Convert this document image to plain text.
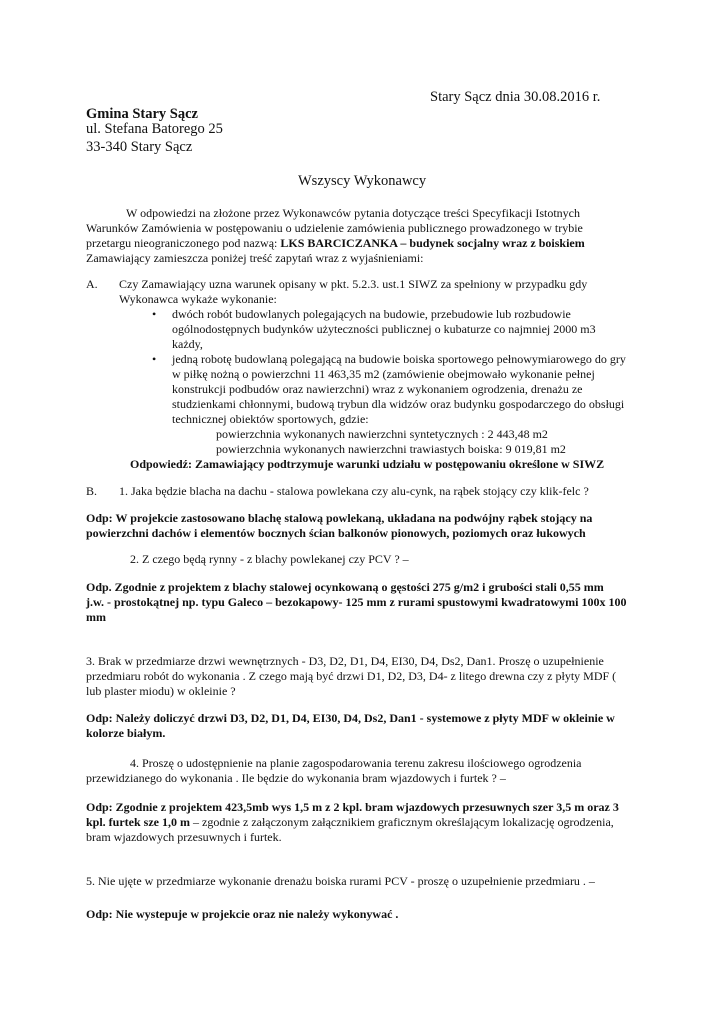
Stary Sącz dnia 30.08.2016 r.
Gmina Stary Sącz
ul. Stefana Batorego 25
33-340 Stary Sącz
Wszyscy Wykonawcy
W odpowiedzi na złożone przez Wykonawców pytania dotyczące treści Specyfikacji Istotnych
Warunków Zamówienia w postępowaniu o udzielenie zamówienia publicznego prowadzonego w trybie
przetargu nieograniczonego pod nazwą: LKS BARCICZANKA – budynek socjalny wraz z boiskiem
Zamawiający zamieszcza poniżej treść zapytań wraz z wyjaśnieniami:
A. Czy Zamawiający uzna warunek opisany w pkt. 5.2.3. ust.1 SIWZ za spełniony w przypadku gdy
Wykonawca wykaże wykonanie:
• dwóch robót budowlanych polegających na budowie, przebudowie lub rozbudowie
ogólnodostępnych budynków użyteczności publicznej o kubaturze co najmniej 2000 m3
każdy,
• jedną robotę budowlaną polegającą na budowie boiska sportowego pełnowymiarowego do gry
w piłkę nożną o powierzchni 11 463,35 m2 (zamówienie obejmowało wykonanie pełnej
konstrukcji podbudów oraz nawierzchni) wraz z wykonaniem ogrodzenia, drenażu ze
studzienkami chłonnymi, budową trybun dla widzów oraz budynku gospodarczego do obsługi
technicznej obiektów sportowych, gdzie:
powierzchnia wykonanych nawierzchni syntetycznych : 2 443,48 m2
powierzchnia wykonanych nawierzchni trawiastych boiska: 9 019,81 m2
Odpowiedź: Zamawiający podtrzymuje warunki udziału w postępowaniu określone w SIWZ
B. 1. Jaka będzie blacha na dachu - stalowa powlekana czy alu-cynk, na rąbek stojący czy klik-felc ?
Odp: W projekcie zastosowano blachę stalową powlekaną, układana na podwójny rąbek stojący na
powierzchni dachów i elementów bocznych ścian balkonów pionowych, poziomych oraz łukowych
2. Z czego będą rynny - z blachy powlekanej czy PCV ? –
Odp. Zgodnie z projektem z blachy stalowej ocynkowaną o gęstości 275 g/m2 i grubości stali 0,55 mm
j.w. - prostokątnej np. typu Galeco – bezokapowy- 125 mm z rurami spustowymi kwadratowymi 100x 100
mm
3. Brak w przedmiarze drzwi wewnętrznych - D3, D2, D1, D4, EI30, D4, Ds2, Dan1. Proszę o uzupełnienie
przedmiaru robót do wykonania . Z czego mają być drzwi D1, D2, D3, D4- z litego drewna czy z płyty MDF (
lub plaster miodu) w okleinie ?
Odp: Należy doliczyć drzwi D3, D2, D1, D4, EI30, D4, Ds2, Dan1 - systemowe z płyty MDF w okleinie w
kolorze białym.
4. Proszę o udostępnienie na planie zagospodarowania terenu zakresu ilościowego ogrodzenia
przewidzianego do wykonania . Ile będzie do wykonania bram wjazdowych i furtek ? –
Odp: Zgodnie z projektem 423,5mb wys 1,5 m z 2 kpl. bram wjazdowych przesuwnych szer 3,5 m oraz 3
kpl. furtek sze 1,0 m – zgodnie z załączonym załącznikiem graficznym określającym lokalizację ogrodzenia,
bram wjazdowych przesuwnych i furtek.
5. Nie ujęte w przedmiarze wykonanie drenażu boiska rurami PCV - proszę o uzupełnienie przedmiaru . –
Odp: Nie wystepuje w projekcie oraz nie należy wykonywać .
